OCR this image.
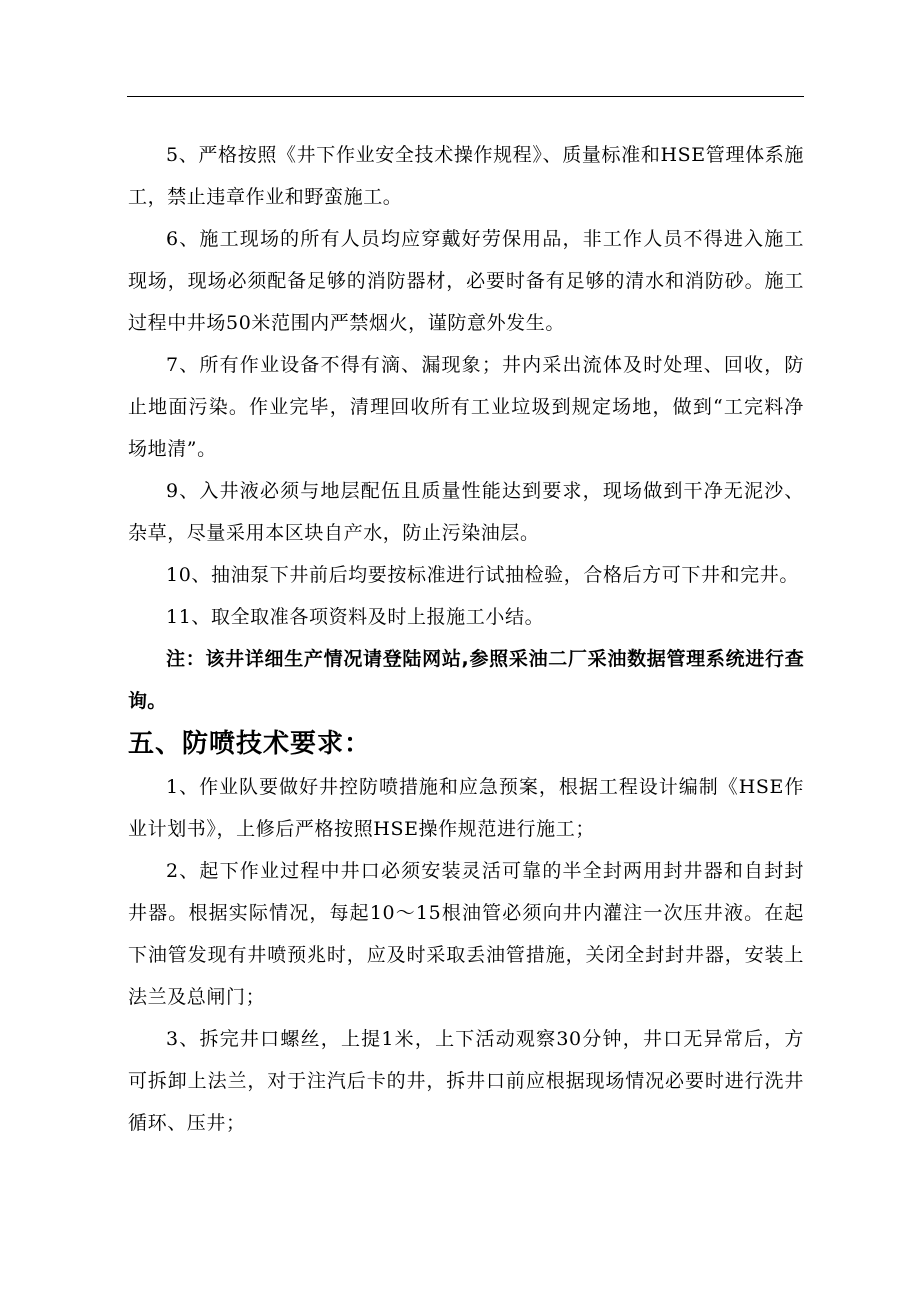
5、严格按照《井下作业安全技术操作规程》、质量标准和HSE管理体系施工，禁止违章作业和野蛮施工。

6、施工现场的所有人员均应穿戴好劳保用品，非工作人员不得进入施工现场，现场必须配备足够的消防器材，必要时备有足够的清水和消防砂。施工过程中井场50米范围内严禁烟火，谨防意外发生。

7、所有作业设备不得有滴、漏现象；井内采出流体及时处理、回收，防止地面污染。作业完毕，清理回收所有工业垃圾到规定场地，做到“工完料净场地清”。

9、入井液必须与地层配伍且质量性能达到要求，现场做到干净无泥沙、杂草，尽量采用本区块自产水，防止污染油层。

10、抽油泵下井前后均要按标准进行试抽检验，合格后方可下井和完井。

11、取全取准各项资料及时上报施工小结。

注：该井详细生产情况请登陆网站,参照采油二厂采油数据管理系统进行查询。

五、防喷技术要求：

1、作业队要做好井控防喷措施和应急预案，根据工程设计编制《HSE作业计划书》，上修后严格按照HSE操作规范进行施工；

2、起下作业过程中井口必须安装灵活可靠的半全封两用封井器和自封封井器。根据实际情况，每起10～15根油管必须向井内灌注一次压井液。在起下油管发现有井喷预兆时，应及时采取丢油管措施，关闭全封封井器，安装上法兰及总闸门；

3、拆完井口螺丝，上提1米，上下活动观察30分钟，井口无异常后，方可拆卸上法兰，对于注汽后卡的井，拆井口前应根据现场情况必要时进行洗井循环、压井；
